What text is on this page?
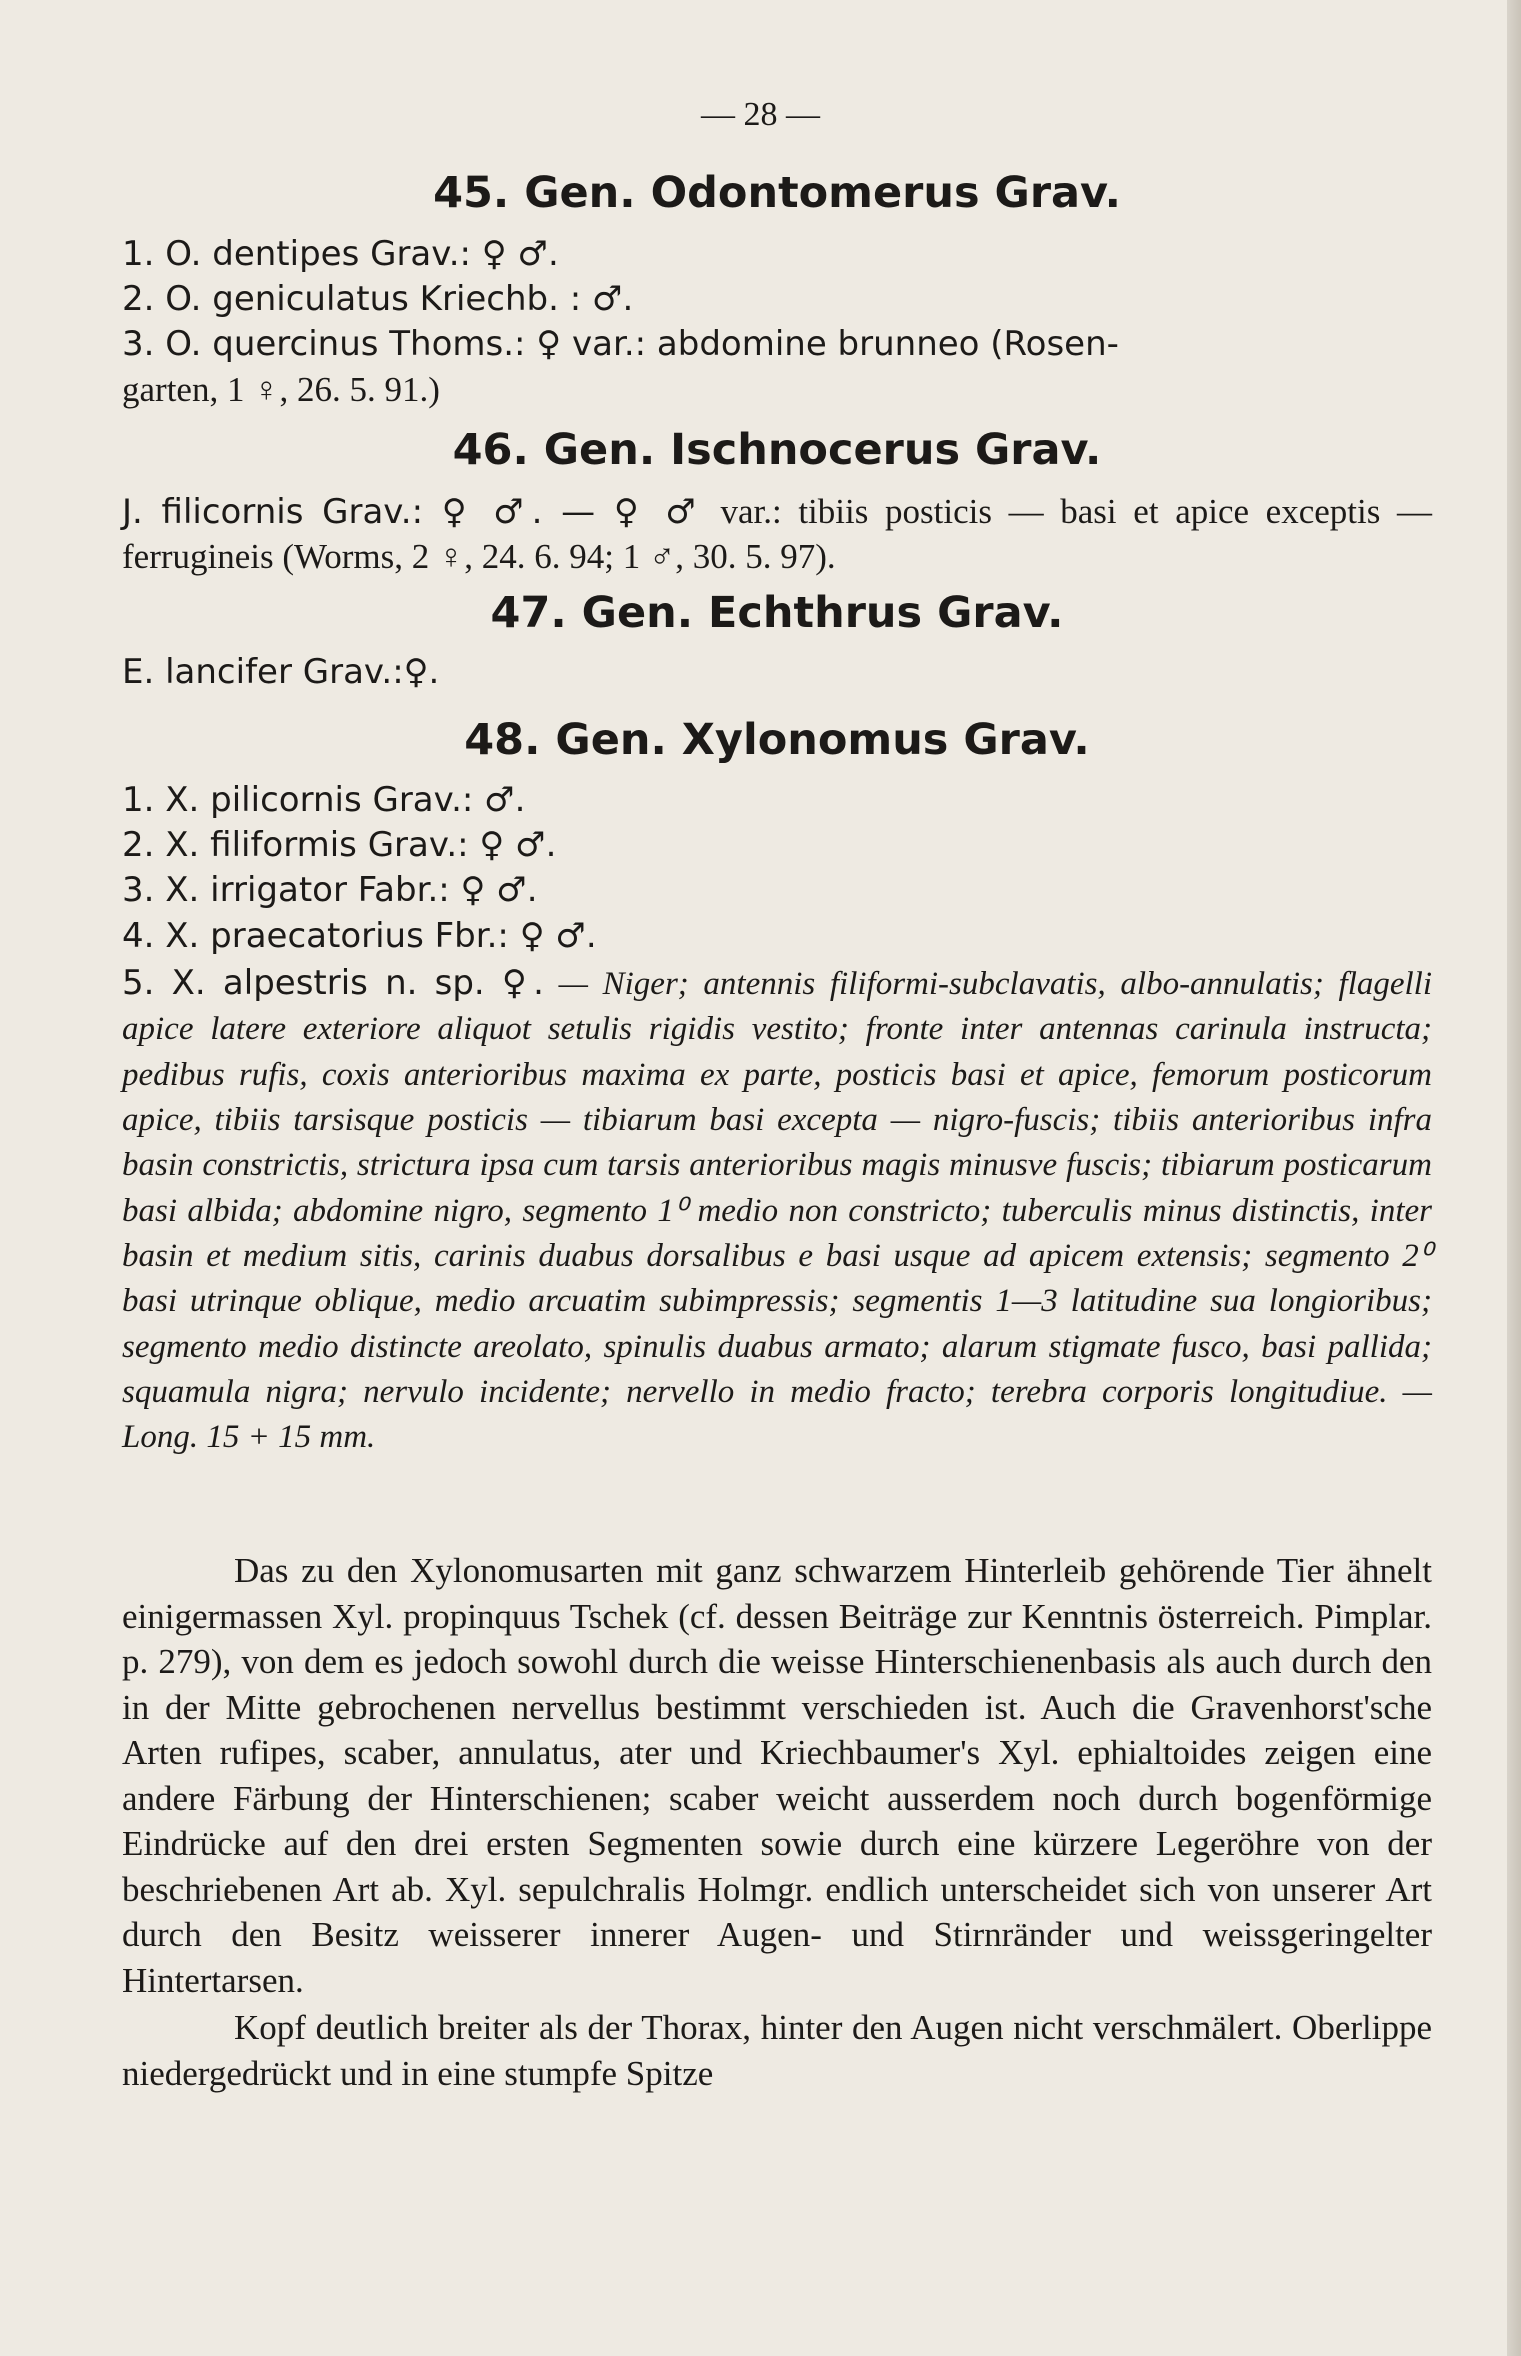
— 28 —
45. Gen. Odontomerus Grav.

1. O. dentipes Grav.: ♀ ♂.

2. O. geniculatus Kriechb. : ♂.

3. O. quercinus Thoms.: ♀ var.: abdomine brunneo (Rosen-

garten, 1 ♀, 26. 5. 91.)

46. Gen. Ischnocerus Grav.

J. filicornis Grav.: ♀ ♂. — ♀ ♂ var.: tibiis posticis — basi et apice exceptis — ferrugineis (Worms, 2 ♀, 24. 6. 94; 1 ♂, 30. 5. 97).

47. Gen. Echthrus Grav.

E. lancifer Grav.:♀.

48. Gen. Xylonomus Grav.

1. X. pilicornis Grav.: ♂.

2. X. filiformis Grav.: ♀ ♂.

3. X. irrigator Fabr.: ♀ ♂.

4. X. praecatorius Fbr.: ♀ ♂.

5. X. alpestris n. sp. ♀. — Niger; antennis filiformi-subclavatis, albo-annulatis; flagelli apice latere exteriore aliquot setulis rigidis vestito; fronte inter antennas carinula instructa; pedibus rufis, coxis anterioribus maxima ex parte, posticis basi et apice, femorum posticorum apice, tibiis tarsisque posticis — tibiarum basi excepta — nigro-fuscis; tibiis anterioribus infra basin constrictis, strictura ipsa cum tarsis anterioribus magis minusve fuscis; tibiarum posticarum basi albida; abdomine nigro, segmento 1⁰ medio non constricto; tuberculis minus distinctis, inter basin et medium sitis, carinis duabus dorsalibus e basi usque ad apicem extensis; segmento 2⁰ basi utrinque oblique, medio arcuatim subimpressis; segmentis 1—3 latitudine sua longioribus; segmento medio distincte areolato, spinulis duabus armato; alarum stigmate fusco, basi pallida; squamula nigra; nervulo incidente; nervello in medio fracto; terebra corporis longitudiue. — Long. 15 + 15 mm.

Das zu den Xylonomusarten mit ganz schwarzem Hinterleib gehörende Tier ähnelt einigermassen Xyl. propinquus Tschek (cf. dessen Beiträge zur Kenntnis österreich. Pimplar. p. 279), von dem es jedoch sowohl durch die weisse Hinterschienenbasis als auch durch den in der Mitte gebrochenen nervellus bestimmt verschieden ist. Auch die Gravenhorst'sche Arten rufipes, scaber, annulatus, ater und Kriechbaumer's Xyl. ephialtoides zeigen eine andere Färbung der Hinterschienen; scaber weicht ausserdem noch durch bogenförmige Eindrücke auf den drei ersten Segmenten sowie durch eine kürzere Legeröhre von der beschriebenen Art ab. Xyl. sepulchralis Holmgr. endlich unterscheidet sich von unserer Art durch den Besitz weisserer innerer Augen- und Stirnränder und weissgeringelter Hintertarsen.

Kopf deutlich breiter als der Thorax, hinter den Augen nicht verschmälert. Oberlippe niedergedrückt und in eine stumpfe Spitze
